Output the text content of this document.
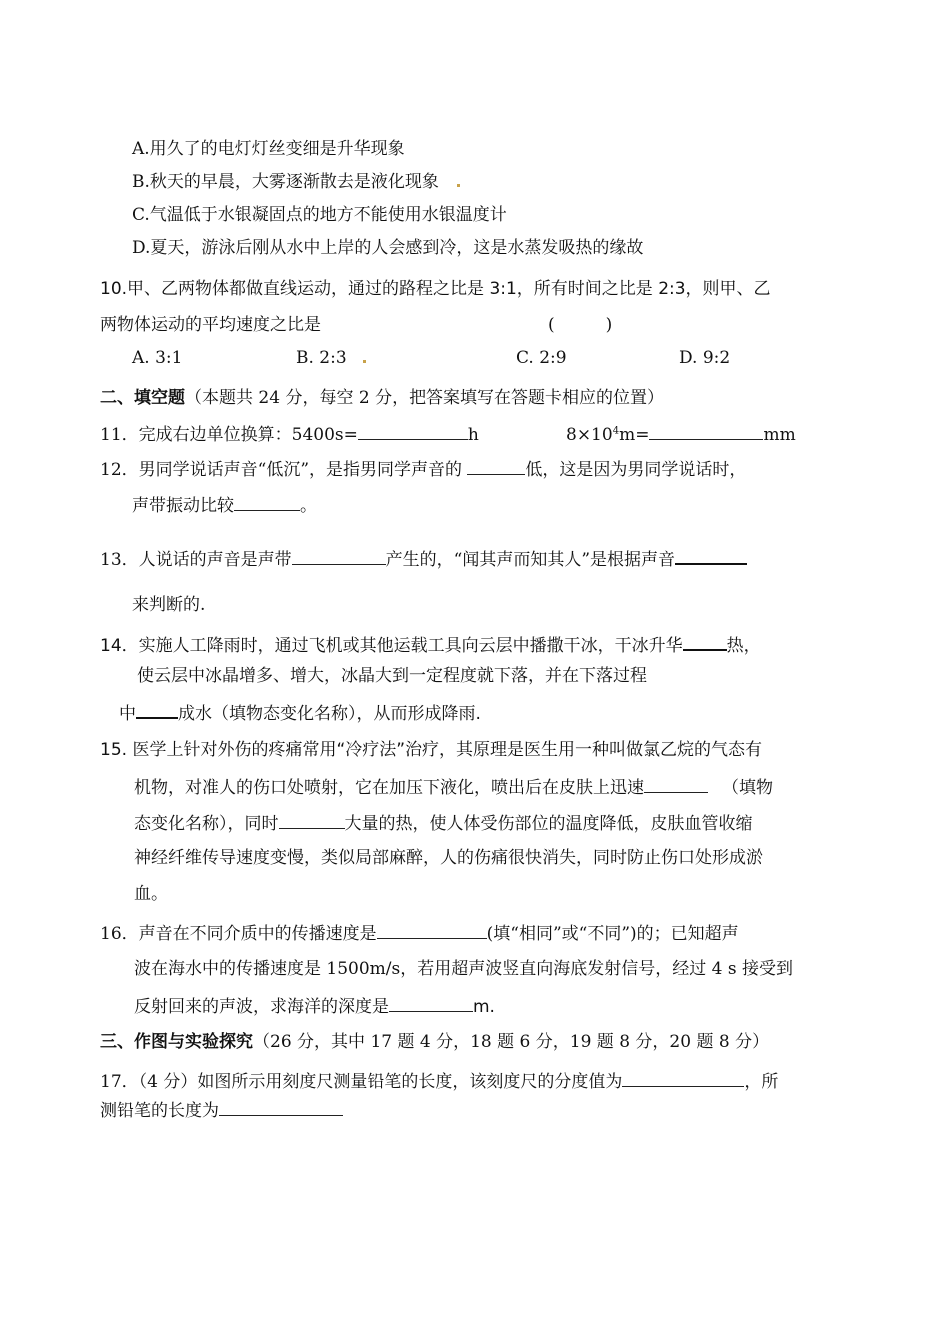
A.用久了的电灯灯丝变细是升华现象
B.秋天的早晨，大雾逐渐散去是液化现象
C.气温低于水银凝固点的地方不能使用水银温度计
D.夏天，游泳后刚从水中上岸的人会感到冷，这是水蒸发吸热的缘故
10.甲、乙两物体都做直线运动，通过的路程之比是 3:1，所有时间之比是 2:3，则甲、乙
两物体运动的平均速度之比是	(　　　)
A. 3:1	B. 2:3	C. 2:9	D. 9:2
二、填空题（本题共 24 分，每空 2 分，把答案填写在答题卡相应的位置）
11．完成右边单位换算：5400s=	h	$8\times 10^4m=$	mm
12．男同学说话声音“低沉”，是指男同学声音的	低，这是因为男同学说话时，
声带振动比较	。
13．人说话的声音是声带	产生的，“闻其声而知其人”是根据声音
来判断的.
14．实施人工降雨时，通过飞机或其他运载工具向云层中播撒干冰，干冰升华	热，
使云层中冰晶增多、增大，冰晶大到一定程度就下落，并在下落过程
中 成水（填物态变化名称），从而形成降雨.
15. 医学上针对外伤的疼痛常用“冷疗法”治疗，其原理是医生用一种叫做氯乙烷的气态有
机物，对准人的伤口处喷射，它在加压下液化，喷出后在皮肤上迅速	（填物
态变化名称），同时	大量的热，使人体受伤部位的温度降低，皮肤血管收缩
神经纤维传导速度变慢，类似局部麻醉，人的伤痛很快消失，同时防止伤口处形成淤
血。
16．声音在不同介质中的传播速度是	(填“相同”或“不同”)的；已知超声
波在海水中的传播速度是 1500m/s，若用超声波竖直向海底发射信号，经过 4 s 接受到
反射回来的声波，求海洋的深度是	m.
三、作图与实验探究（26 分，其中 17 题 4 分，18 题 6 分，19 题 8 分，20 题 8 分）
17．（4 分）如图所示用刻度尺测量铅笔的长度，该刻度尺的分度值为	，所
测铅笔的长度为
